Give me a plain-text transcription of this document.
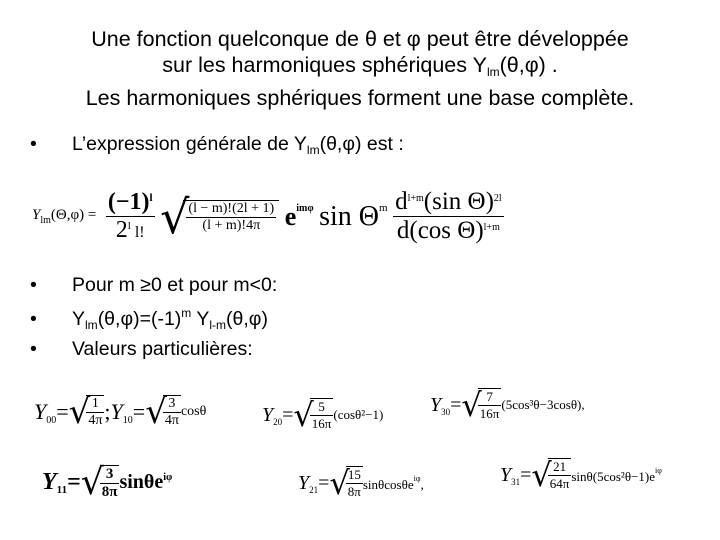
Une fonction quelconque de θ et φ peut être développée
sur les harmoniques sphériques $Y_{lm}(\theta,\varphi)$ .
Les harmoniques sphériques forment une base complète.
• L’expression générale de $Y_{lm}(\theta,\varphi)$ est :
$Y_{lm}(\Theta,\varphi) = \frac{(-1)^l}{2^l l!}$ √
$\frac{(l - m)!(2l + 1)}{(l + m)!4\pi} e^{im\varphi}$ $\sin \Theta^m \frac{d^{l+m}(\sin \Theta)^{2l}}{d(\cos \Theta)^{l+m}}$
• Pour m ≥0 et pour m<0:
• $Y_{lm}(\theta,\varphi)=(-1)^m$ $Y_{l-m}(\theta,\varphi)$
• Valeurs particulières:
$Y_{00}=√$
$\frac{1}{4\pi}$ $;Y_{10}=√$
$\frac{3}{4\pi}$ cosθ	$Y_{20}=√$
$\frac{5}{16\pi} (\cos\theta^2-1)$ $Y_{30}=√$
$\frac{7}{16\pi} (5\cos^3\theta-3\cos\theta)$,
$Y_{11}=√$
$\frac{3}{8\pi} \sin\theta e^{i\varphi}$	$Y_{21}=√$
$\frac{15}{8\pi} \sin\theta\cos\theta e^{i\varphi}$,	$Y_{31}=√$
$\frac{21}{64\pi} \sin\theta(5\cos^2\theta-1)e^{i\varphi}$
